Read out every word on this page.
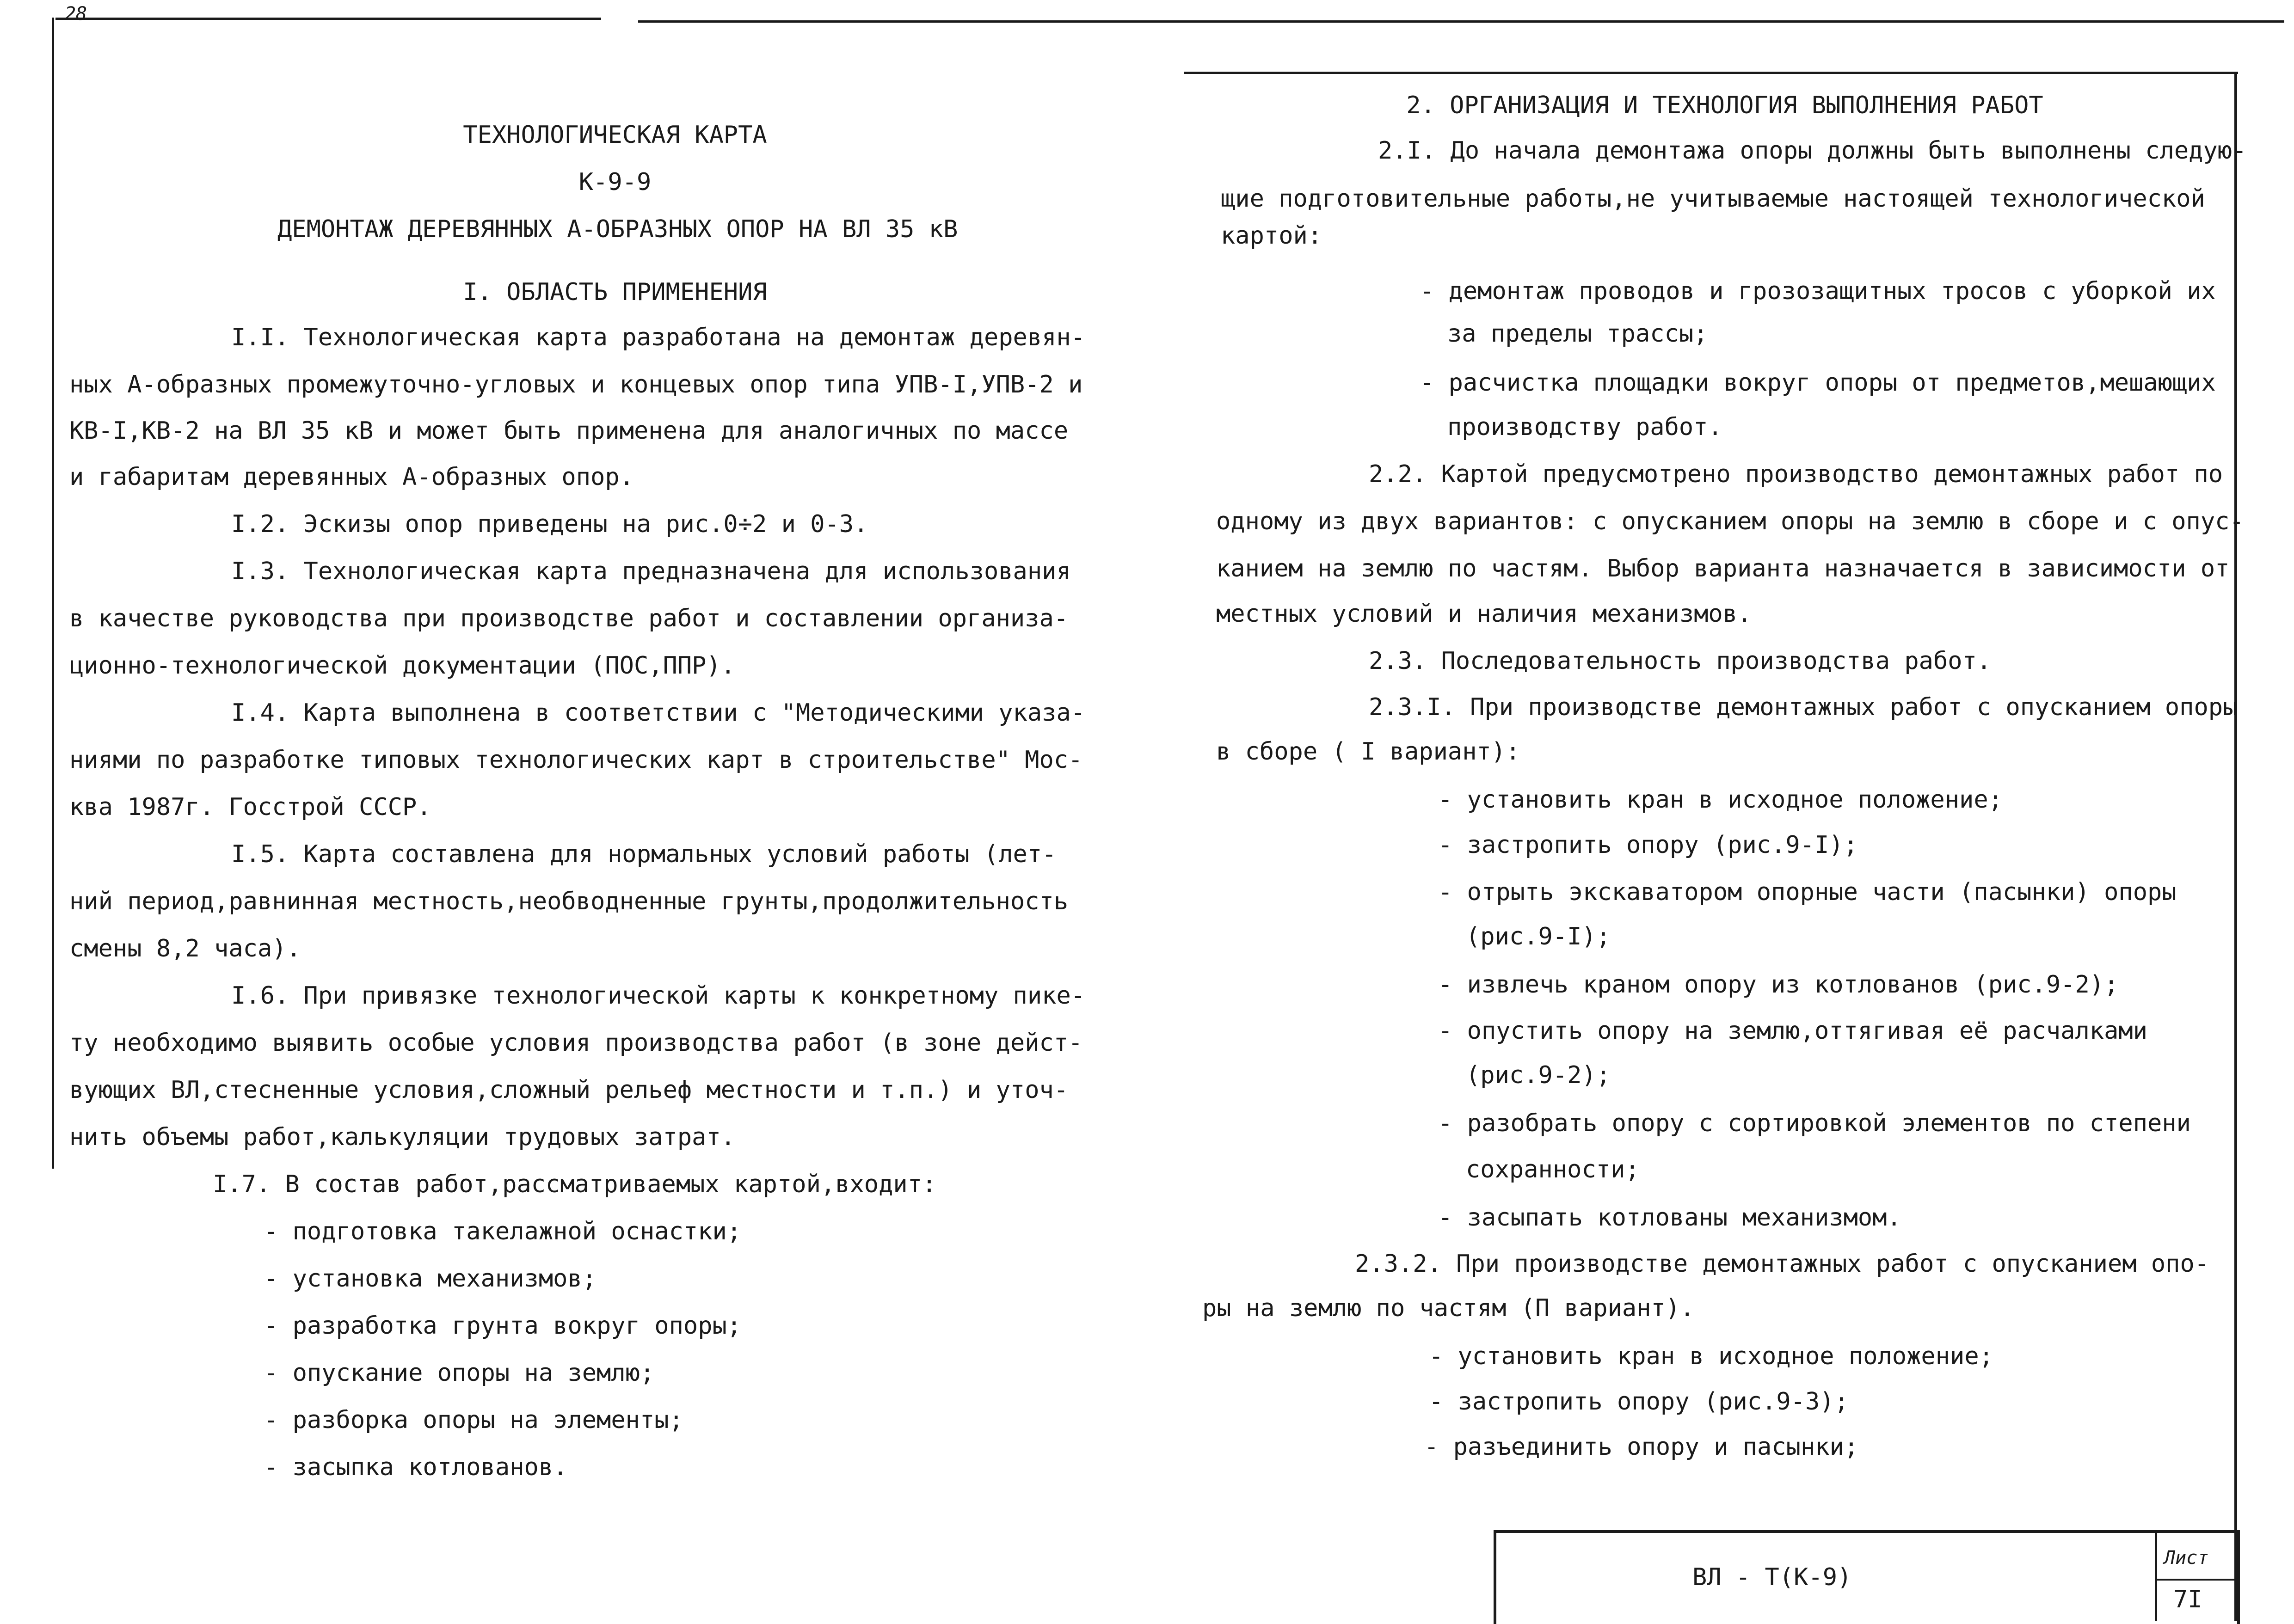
28
ТЕХНОЛОГИЧЕСКАЯ КАРТА
К-9-9
ДЕМОНТАЖ ДЕРЕВЯННЫХ А-ОБРАЗНЫХ ОПОР НА ВЛ 35 кВ
I. ОБЛАСТЬ ПРИМЕНЕНИЯ
I.I. Технологическая карта разработана на демонтаж деревян-
ных А-образных промежуточно-угловых и концевых опор типа УПВ-I,УПВ-2 и
КВ-I,КВ-2 на ВЛ 35 кВ и может быть применена для аналогичных по массе
и габаритам деревянных А-образных опор.
I.2. Эскизы опор приведены на рис.0÷2 и 0-3.
I.3. Технологическая карта предназначена для использования
в качестве руководства при производстве работ и составлении организа-
ционно-технологической документации (ПОС,ППР).
I.4. Карта выполнена в соответствии с "Методическими указа-
ниями по разработке типовых технологических карт в строительстве" Мос-
ква 1987г. Госстрой СССР.
I.5. Карта составлена для нормальных условий работы (лет-
ний период,равнинная местность,необводненные грунты,продолжительность
смены 8,2 часа).
I.6. При привязке технологической карты к конкретному пике-
ту необходимо выявить особые условия производства работ (в зоне дейст-
вующих ВЛ,стесненные условия,сложный рельеф местности и т.п.) и уточ-
нить объемы работ,калькуляции трудовых затрат.
I.7. В состав работ,рассматриваемых картой,входит:
- подготовка такелажной оснастки;
- установка механизмов;
- разработка грунта вокруг опоры;
- опускание опоры на землю;
- разборка опоры на элементы;
- засыпка котлованов.
2. ОРГАНИЗАЦИЯ И ТЕХНОЛОГИЯ ВЫПОЛНЕНИЯ РАБОТ
2.I. До начала демонтажа опоры должны быть выполнены следую-
щие подготовительные работы,не учитываемые настоящей технологической
картой:
- демонтаж проводов и грозозащитных тросов с уборкой их
за пределы трассы;
- расчистка площадки вокруг опоры от предметов,мешающих
производству работ.
2.2. Картой предусмотрено производство демонтажных работ по
одному из двух вариантов: с опусканием опоры на землю в сборе и с опус-
канием на землю по частям. Выбор варианта назначается в зависимости от
местных условий и наличия механизмов.
2.3. Последовательность производства работ.
2.3.I. При производстве демонтажных работ с опусканием опоры
в сборе ( I вариант):
- установить кран в исходное положение;
- застропить опору (рис.9-I);
- отрыть экскаватором опорные части (пасынки) опоры
(рис.9-I);
- извлечь краном опору из котлованов (рис.9-2);
- опустить опору на землю,оттягивая её расчалками
(рис.9-2);
- разобрать опору с сортировкой элементов по степени
сохранности;
- засыпать котлованы механизмом.
2.3.2. При производстве демонтажных работ с опусканием опо-
ры на землю по частям (П вариант).
- установить кран в исходное положение;
- застропить опору (рис.9-3);
- разъединить опору и пасынки;
ВЛ - Т(К-9)
Лист
7I
